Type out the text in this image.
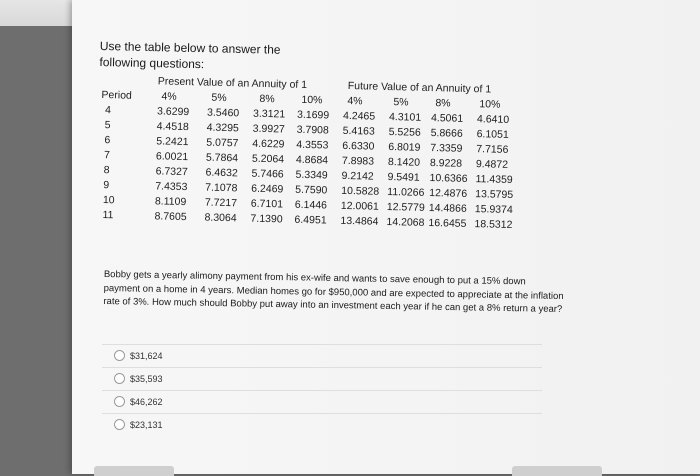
Use the table below to answer the following questions:
Present Value of an Annuity of 1	Future Value of an Annuity of 1
Period	4%	5%	8%	10% 4%	5%	8%	10%
4	3.6299 3.5460 3.3121 3.1699 4.2465 4.3101 4.5061 4.6410
5	4.4518 4.3295 3.9927 3.7908 5.4163 5.5256 5.8666 6.1051
6	5.2421 5.0757 4.6229 4.3553 6.6330 6.8019 7.3359 7.7156
7	6.0021 5.7864 5.2064 4.8684 7.8983 8.1420 8.9228 9.4872
8	6.7327 6.4632 5.7466 5.3349 9.2142 9.5491 10.6366 11.4359
9	7.4353 7.1078 6.2469 5.7590 10.5828 11.0266 12.4876 13.5795
10	8.1109 7.7217 6.7101 6.1446 12.0061 12.5779 14.4866 15.9374
11	8.7605 8.3064 7.1390 6.4951 13.4864 14.2068 16.6455 18.5312
Bobby gets a yearly alimony payment from his ex-wife and wants to save enough to put a 15% down payment on a home in 4 years. Median homes go for $950,000 and are expected to appreciate at the inflation rate of 3%. How much should Bobby put away into an investment each year if he can get a 8% return a year?
$31,624
$35,593
$46,262
$23,131
